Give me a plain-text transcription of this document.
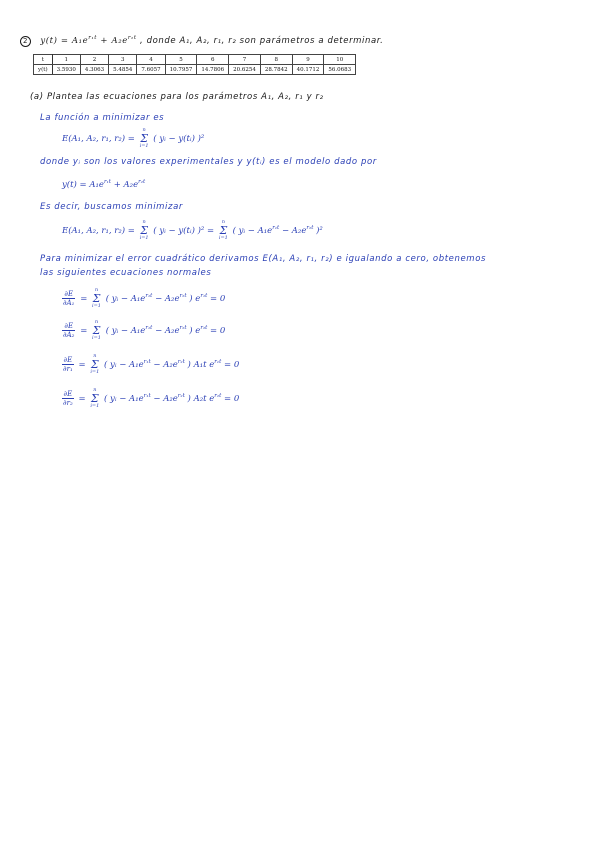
2 $y(t) = A_1e^{r_1t} + A_2e^{r_2t}$ , donde A₁, A₂, r₁, r₂ son parámetros a determinar.
t	1	2	3	4	5	6	7	8	9	10
y(t)	3.5930	4.3063	5.4854	7.6057	10.7957	14.7806	20.6254	28.7842	40.1712	56.0683
(a) Plantea las ecuaciones para los parámetros A₁, A₂, r₁ y r₂
La función a minimizar es
E(A₁, A₂, r₁, r₂) = n
Σ
i=1 ( yᵢ − y(tᵢ) )²
donde yᵢ son los valores experimentales y y(tᵢ) es el modelo dado por
$y(t) = A_1e^{r_1t} + A_2e^{r_2t}$
Es decir, buscamos minimizar
E(A₁, A₂, r₁, r₂) = n
Σ
i=1 ( yᵢ − y(tᵢ) )² = n
Σ
i=1 ( yᵢ − $A_1e^{r_1t} - A_2e^{r_2t}$ )²
Para minimizar el error cuadrático derivamos E(A₁, A₂, r₁, r₂) e igualando a cero, obtenemos
las siguientes ecuaciones normales
$\frac{\partial E}{\text{∂A₁}} = n$
Σ
i=1 ( yᵢ − $A_1e^{r_1t} - A_2e^{r_2t}$ ) $e^{r_1t} = 0$
$\frac{\partial E}{\text{∂A₂}} = n$
Σ
i=1 ( yᵢ − $A_1e^{r_1t} - A_2e^{r_2t}$ ) $e^{r_2t} = 0$
$\frac{\partial E}{\text{∂r₁}} = n$
Σ
i=1 ( yᵢ − $A_1e^{r_1t} - A_2e^{r_2t}$ ) A₁t $e^{r_1t} = 0$
$\frac{\partial E}{\text{∂r₂}} = n$
Σ
i=1 ( yᵢ − $A_1e^{r_1t} - A_2e^{r_2t}$ ) A₂t $e^{r_2t} = 0$
